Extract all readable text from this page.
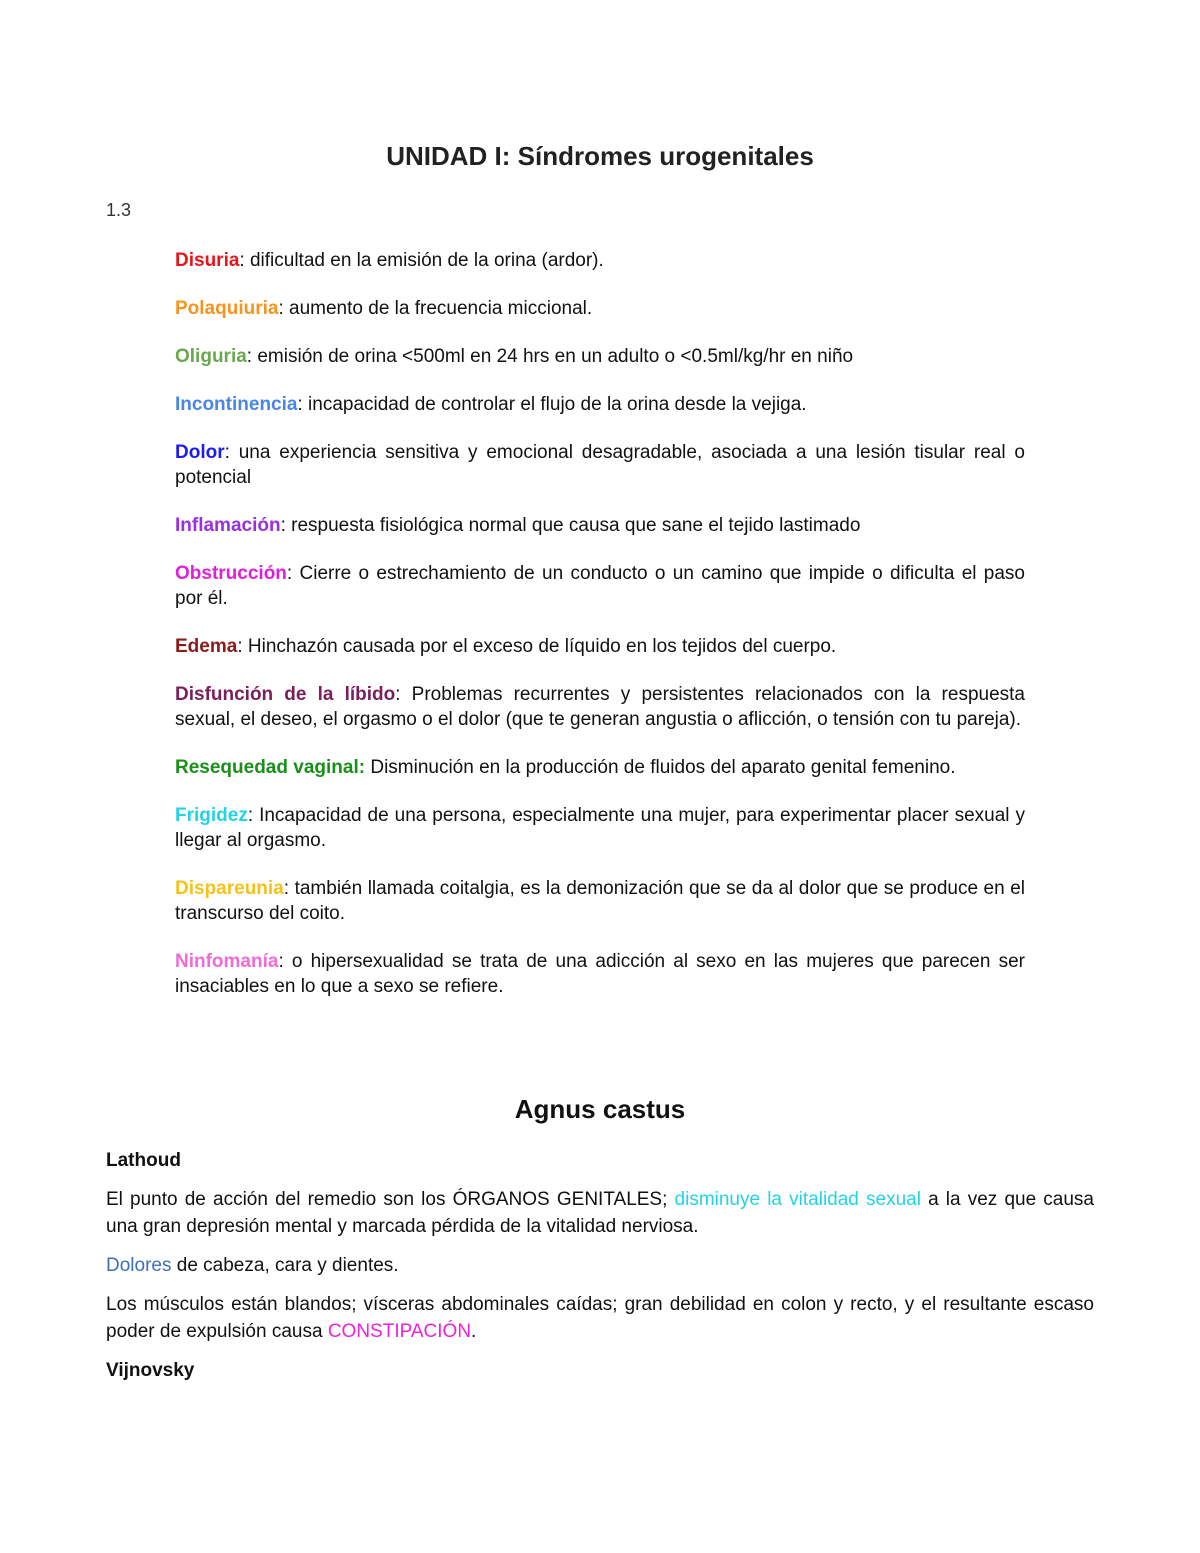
UNIDAD I: Síndromes urogenitales

1.3

Disuria: dificultad en la emisión de la orina (ardor).

Polaquiuria: aumento de la frecuencia miccional.

Oliguria: emisión de orina <500ml en 24 hrs en un adulto o <0.5ml/kg/hr en niño

Incontinencia: incapacidad de controlar el flujo de la orina desde la vejiga.

Dolor: una experiencia sensitiva y emocional desagradable, asociada a una lesión tisular real o potencial

Inflamación: respuesta fisiológica normal que causa que sane el tejido lastimado

Obstrucción: Cierre o estrechamiento de un conducto o un camino que impide o dificulta el paso por él.

Edema: Hinchazón causada por el exceso de líquido en los tejidos del cuerpo.

Disfunción de la líbido: Problemas recurrentes y persistentes relacionados con la respuesta sexual, el deseo, el orgasmo o el dolor (que te generan angustia o aflicción, o tensión con tu pareja).

Resequedad vaginal: Disminución en la producción de fluidos del aparato genital femenino.

Frigidez: Incapacidad de una persona, especialmente una mujer, para experimentar placer sexual y llegar al orgasmo.

Dispareunia: también llamada coitalgia, es la demonización que se da al dolor que se produce en el transcurso del coito.

Ninfomanía: o hipersexualidad se trata de una adicción al sexo en las mujeres que parecen ser insaciables en lo que a sexo se refiere.

Agnus castus

Lathoud

El punto de acción del remedio son los ÓRGANOS GENITALES; disminuye la vitalidad sexual a la vez que causa una gran depresión mental y marcada pérdida de la vitalidad nerviosa.

Dolores de cabeza, cara y dientes.

Los músculos están blandos; vísceras abdominales caídas; gran debilidad en colon y recto, y el resultante escaso poder de expulsión causa CONSTIPACIÓN.

Vijnovsky
